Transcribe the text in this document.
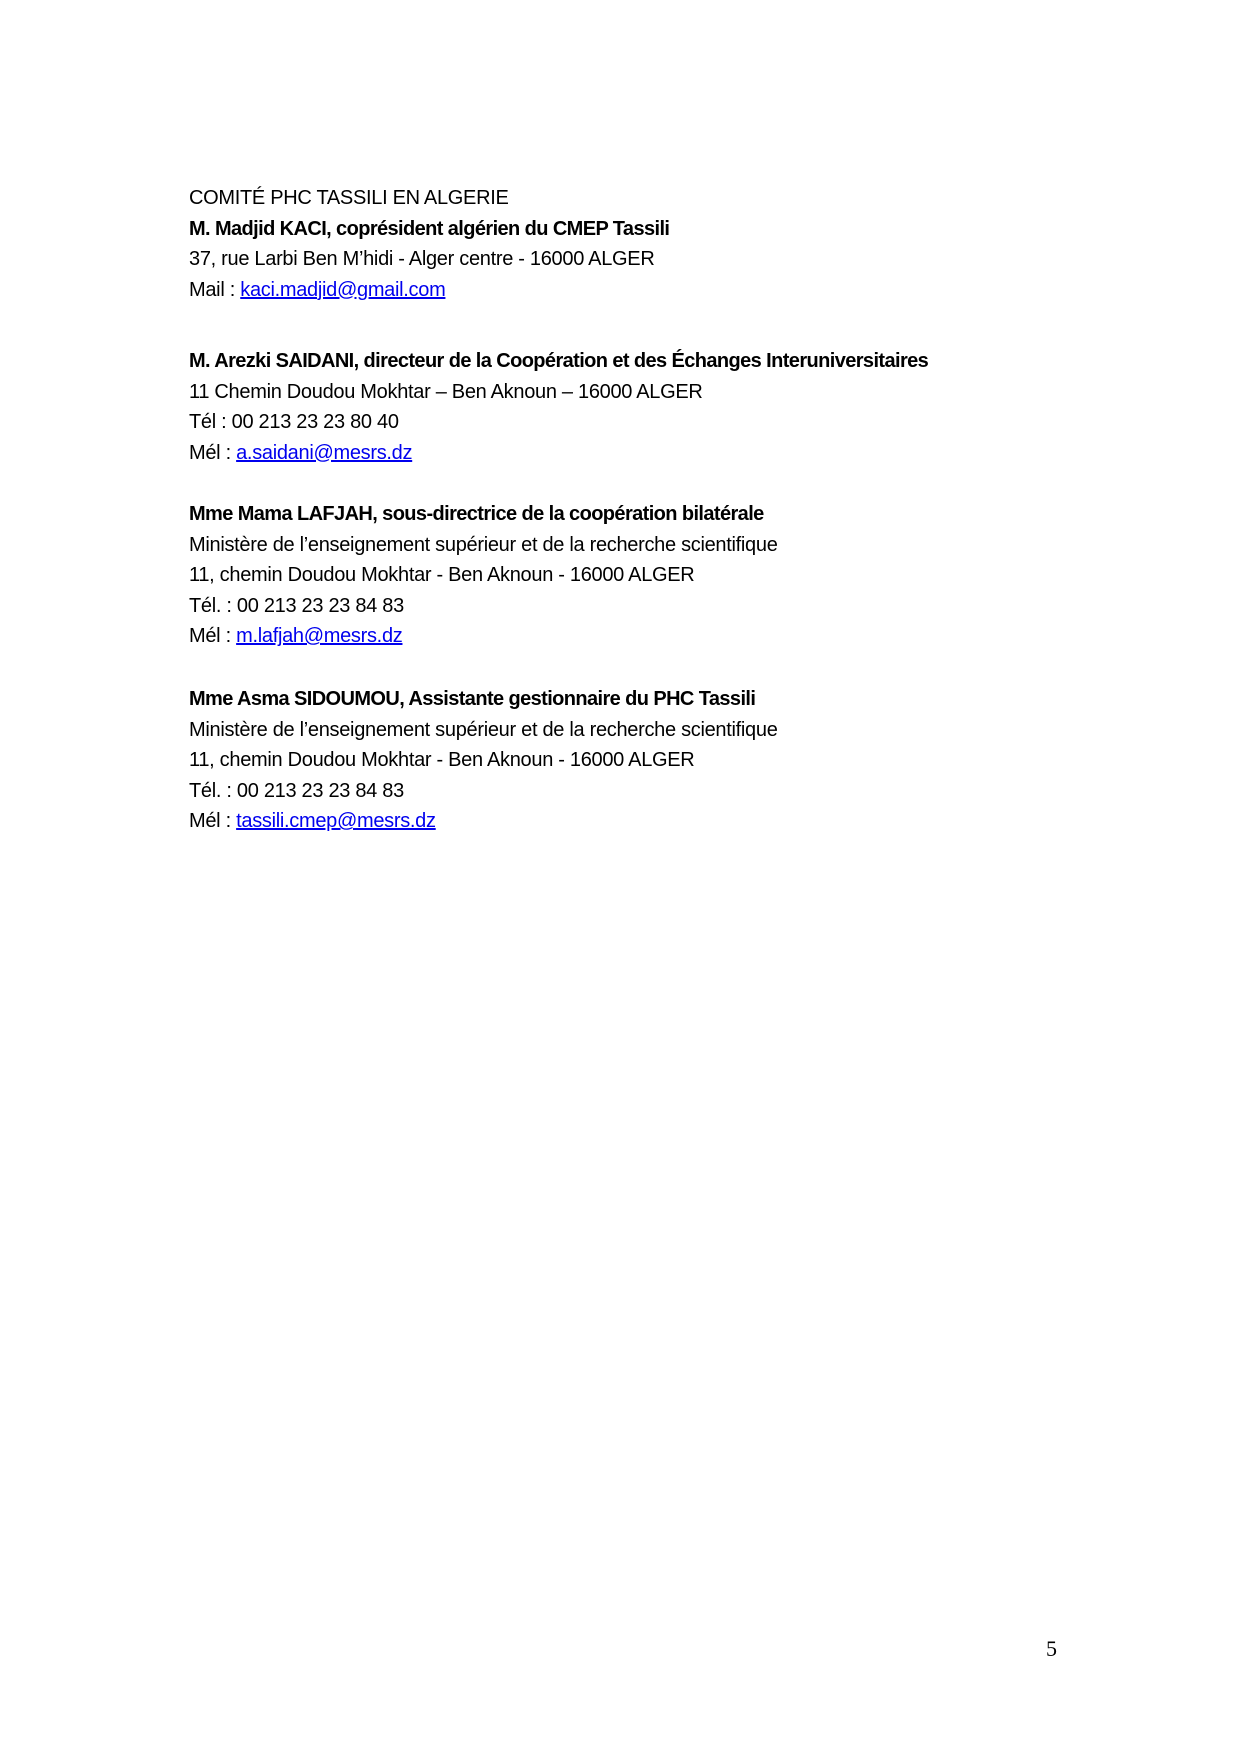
COMITÉ PHC TASSILI EN ALGERIE
M. Madjid KACI, coprésident algérien du CMEP Tassili
37, rue Larbi Ben M’hidi - Alger centre - 16000 ALGER
Mail : kaci.madjid@gmail.com
M. Arezki SAIDANI, directeur de la Coopération et des Échanges Interuniversitaires
11 Chemin Doudou Mokhtar – Ben Aknoun – 16000 ALGER
Tél : 00 213 23 23 80 40
Mél : a.saidani@mesrs.dz
Mme Mama LAFJAH, sous-directrice de la coopération bilatérale
Ministère de l’enseignement supérieur et de la recherche scientifique
11, chemin Doudou Mokhtar - Ben Aknoun - 16000 ALGER
Tél. : 00 213 23 23 84 83
Mél : m.lafjah@mesrs.dz
Mme Asma SIDOUMOU, Assistante gestionnaire du PHC Tassili
Ministère de l’enseignement supérieur et de la recherche scientifique
11, chemin Doudou Mokhtar - Ben Aknoun - 16000 ALGER
Tél. : 00 213 23 23 84 83
Mél : tassili.cmep@mesrs.dz
5
